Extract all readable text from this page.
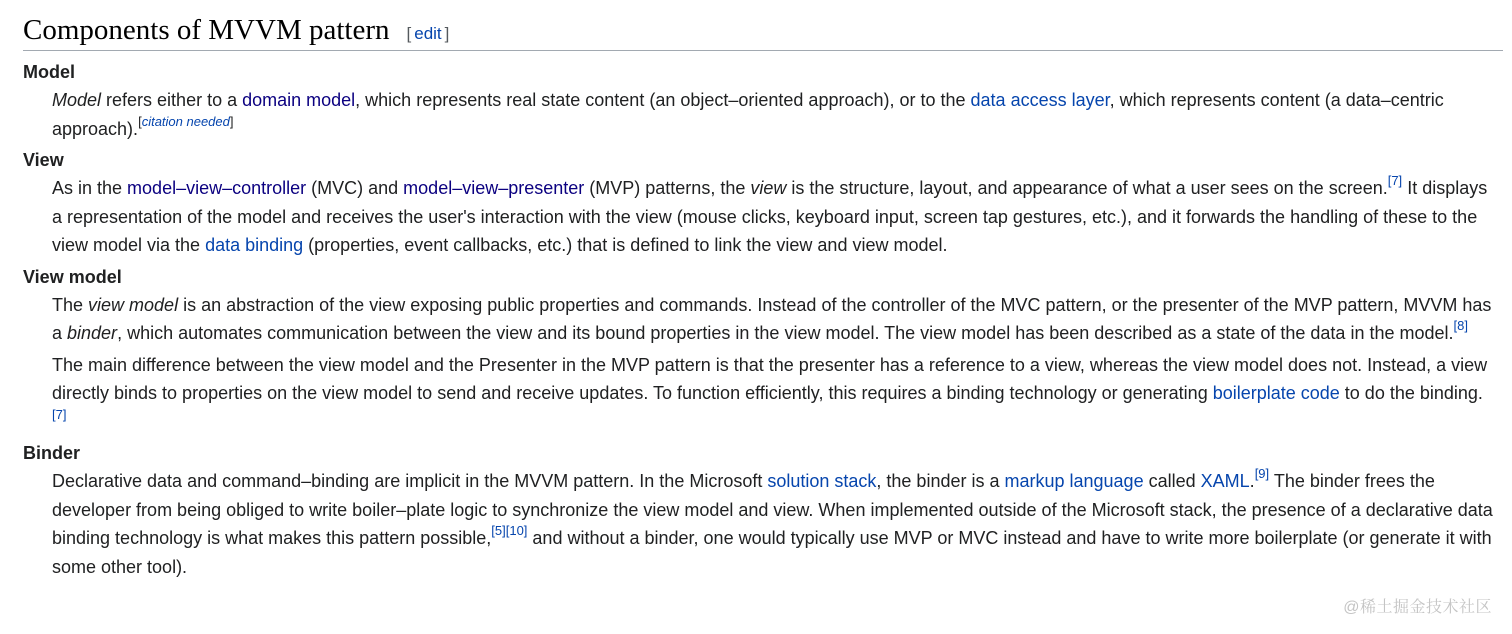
Components of MVVM pattern [ edit ]
Model

Model refers either to a domain model, which represents real state content (an object–oriented approach), or to the data access layer, which represents content (a data–centric approach).[citation needed]

View

As in the model–view–controller (MVC) and model–view–presenter (MVP) patterns, the view is the structure, layout, and appearance of what a user sees on the screen.[7] It displays a representation of the model and receives the user's interaction with the view (mouse clicks, keyboard input, screen tap gestures, etc.), and it forwards the handling of these to the view model via the data binding (properties, event callbacks, etc.) that is defined to link the view and view model.

View model

The view model is an abstraction of the view exposing public properties and commands. Instead of the controller of the MVC pattern, or the presenter of the MVP pattern, MVVM has a binder, which automates communication between the view and its bound properties in the view model. The view model has been described as a state of the data in the model.[8]

The main difference between the view model and the Presenter in the MVP pattern is that the presenter has a reference to a view, whereas the view model does not. Instead, a view directly binds to properties on the view model to send and receive updates. To function efficiently, this requires a binding technology or generating boilerplate code to do the binding.[7]

Binder

Declarative data and command–binding are implicit in the MVVM pattern. In the Microsoft solution stack, the binder is a markup language called XAML.[9] The binder frees the developer from being obliged to write boiler–plate logic to synchronize the view model and view. When implemented outside of the Microsoft stack, the presence of a declarative data binding technology is what makes this pattern possible,[5][10] and without a binder, one would typically use MVP or MVC instead and have to write more boilerplate (or generate it with some other tool).

@稀土掘金技术社区
